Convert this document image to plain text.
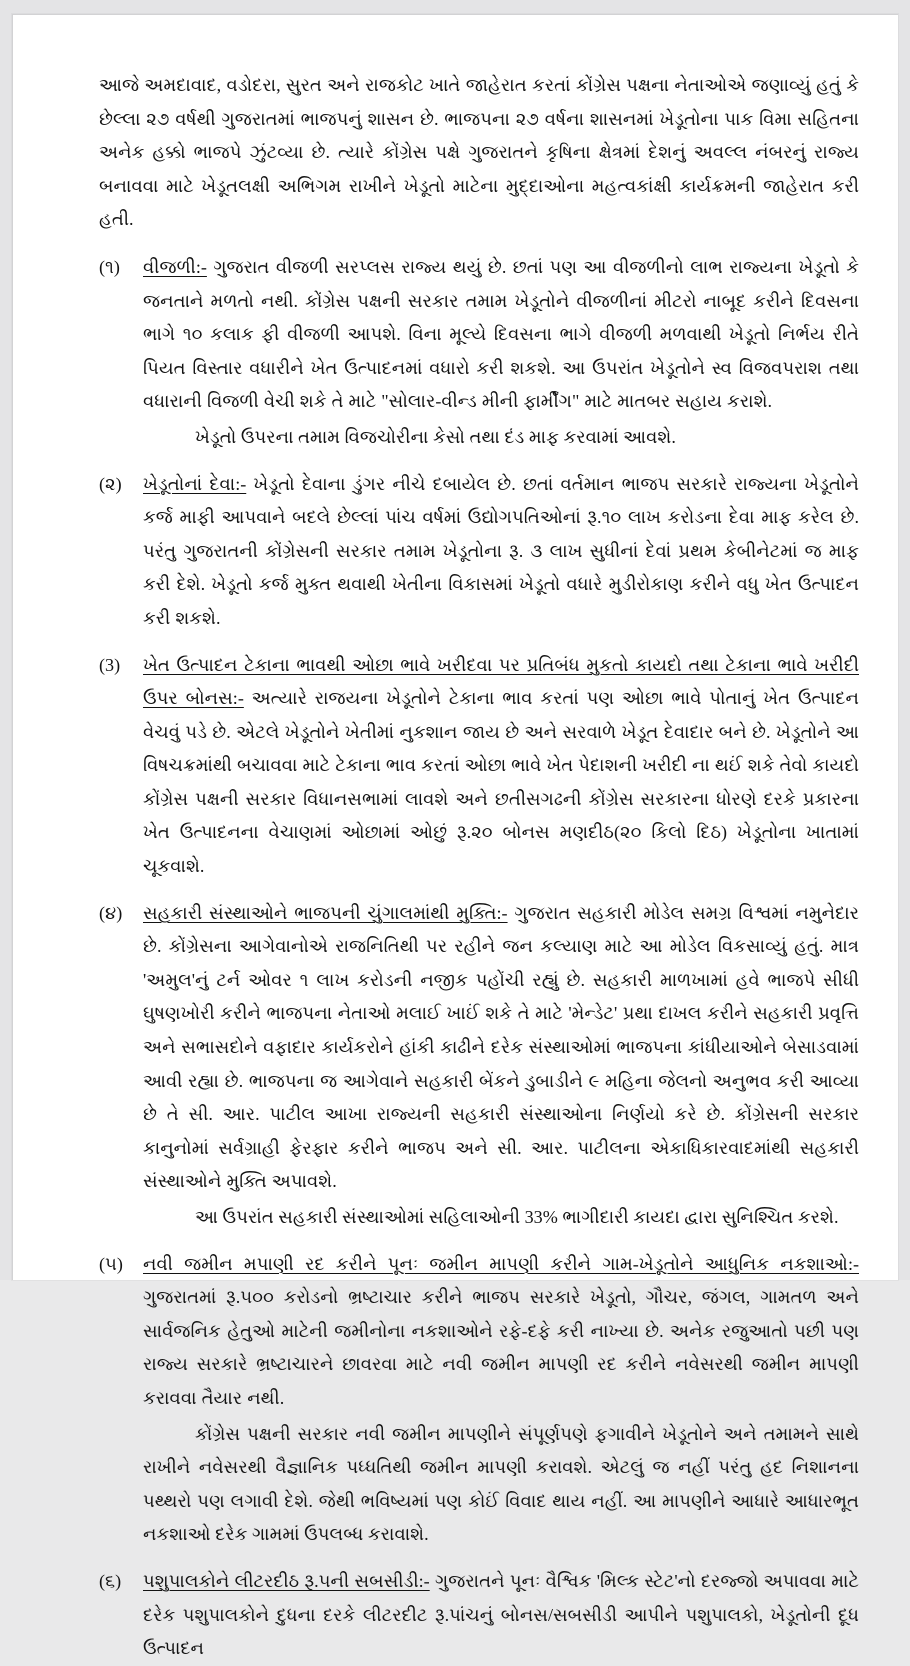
આજે અમદાવાદ, વડોદરા, સુરત અને રાજકોટ ખાતે જાહેરાત કરતાં કોંગ્રેસ પક્ષના નેતાઓએ જણાવ્યું હતું કે છેલ્લા ૨૭ વર્ષથી ગુજરાતમાં ભાજપનું શાસન છે. ભાજપના ૨૭ વર્ષના શાસનમાં ખેડૂતોના પાક વિમા સહિતના અનેક હક્કો ભાજપે ઝુંટવ્યા છે. ત્યારે કોંગ્રેસ પક્ષે ગુજરાતને કૃષિના ક્ષેત્રમાં દેશનું અવલ્લ નંબરનું રાજ્ય બનાવવા માટે ખેડૂતલક્ષી અભિગમ રાખીને ખેડૂતો માટેના મુદ્દાઓના મહત્વકાંક્ષી કાર્યક્રમની જાહેરાત કરી હતી.

(૧)	વીજળી:- ગુજરાત વીજળી સરપ્લસ રાજ્ય થયું છે. છતાં પણ આ વીજળીનો લાભ રાજ્યના ખેડૂતો કે જનતાને મળતો નથી. કોંગ્રેસ પક્ષની સરકાર તમામ ખેડૂતોને વીજળીનાં મીટરો નાબૂદ કરીને દિવસના ભાગે ૧૦ કલાક ફી વીજળી આપશે. વિના મૂલ્યે દિવસના ભાગે વીજળી મળવાથી ખેડૂતો નિર્ભય રીતે પિયત વિસ્તાર વધારીને ખેત ઉત્પાદનમાં વધારો કરી શકશે. આ ઉપરાંત ખેડૂતોને સ્વ વિજવપરાશ તથા વધારાની વિજળી વેચી શકે તે માટે "સોલાર-વીન્ડ મીની ફાર્મીંગ" માટે માતબર સહાય કરાશે.

ખેડૂતો ઉપરના તમામ વિજચોરીના કેસો તથા દંડ માફ કરવામાં આવશે.

(૨)	ખેડૂતોનાં દેવા:- ખેડૂતો દેવાના ડુંગર નીચે દબાયેલ છે. છતાં વર્તમાન ભાજપ સરકારે રાજ્યના ખેડૂતોને કર્જ માફી આપવાને બદલે છેલ્લાં પાંચ વર્ષમાં ઉદ્યોગપતિઓનાં રૂ.૧૦ લાખ કરોડના દેવા માફ કરેલ છે. પરંતુ ગુજરાતની કોંગ્રેસની સરકાર તમામ ખેડૂતોના રૂ. ૩ લાખ સુધીનાં દેવાં પ્રથમ કેબીનેટમાં જ માફ કરી દેશે. ખેડૂતો કર્જ મુક્ત થવાથી ખેતીના વિકાસમાં ખેડૂતો વધારે મુડીરોકાણ કરીને વધુ ખેત ઉત્પાદન કરી શકશે.

(3)	ખેત ઉત્પાદન ટેકાના ભાવથી ઓછા ભાવે ખરીદવા પર પ્રતિબંધ મુકતો કાયદો તથા ટેકાના ભાવે ખરીદી ઉપર બોનસ:- અત્યારે રાજયના ખેડૂતોને ટેકાના ભાવ કરતાં પણ ઓછા ભાવે પોતાનું ખેત ઉત્પાદન વેચવું પડે છે. એટલે ખેડૂતોને ખેતીમાં નુકશાન જાય છે અને સરવાળે ખેડૂત દેવાદાર બને છે. ખેડૂતોને આ વિષચક્રમાંથી બચાવવા માટે ટેકાના ભાવ કરતાં ઓછા ભાવે ખેત પેદાશની ખરીદી ના થઈં શકે તેવો કાયદો કોંગ્રેસ પક્ષની સરકાર વિધાનસભામાં લાવશે અને છતીસગઢની કોંગ્રેસ સરકારના ધોરણે દરકે પ્રકારના ખેત ઉત્પાદનના વેચાણમાં ઓછામાં ઓછું રૂ.૨૦ બોનસ મણદીઠ(૨૦ કિલો દિઠ) ખેડૂતોના ખાતામાં ચૂકવાશે.

(૪)	સહકારી સંસ્થાઓને ભાજપની ચુંગાલમાંથી મુક્તિ:- ગુજરાત સહકારી મોડેલ સમગ્ર વિશ્વમાં નમુનેદાર છે. કોંગ્રેસના આગેવાનોએ રાજનિતિથી પર રહીને જન કલ્યાણ માટે આ મોડેલ વિકસાવ્યું હતું. માત્ર 'અમુલ'નું ટર્ન ઓવર ૧ લાખ કરોડની નજીક પહોંચી રહ્યું છે. સહકારી માળખામાં હવે ભાજપે સીધી ઘુષણખોરી કરીને ભાજપના નેતાઓ મલાઈ ખાઈં શકે તે માટે 'મેન્ડેટ' પ્રથા દાખલ કરીને સહકારી પ્રવૃત્તિ અને સભાસદોને વફાદાર કાર્યકરોને હાંકી કાઢીને દરેક સંસ્થાઓમાં ભાજપના કાંધીયાઓને બેસાડવામાં આવી રહ્યા છે. ભાજપના જ આગેવાને સહકારી બેંકને ડુબાડીને ૯ મહિના જેલનો અનુભવ કરી આવ્યા છે તે સી. આર. પાટીલ આખા રાજ્યની સહકારી સંસ્થાઓના નિર્ણયો કરે છે. કોંગ્રેસની સરકાર કાનુનોમાં સર્વગ્રાહી ફેરફાર કરીને ભાજપ અને સી. આર. પાટીલના એકાધિકારવાદમાંથી સહકારી સંસ્થાઓને મુક્તિ અપાવશે.

આ ઉપરાંત સહકારી સંસ્થાઓમાં સહિલાઓની 33% ભાગીદારી કાયદા દ્વારા સુનિશ્ચિત કરશે.

(૫)	નવી જમીન મપાણી રદ કરીને પૂનઃ જમીન માપણી કરીને ગામ-ખેડૂતોને આધુનિક નકશાઓ:- ગુજરાતમાં રૂ.૫૦૦ કરોડનો ભ્રષ્ટાચાર કરીને ભાજપ સરકારે ખેડૂતો, ગૌચર, જંગલ, ગામતળ અને સાર્વજનિક હેતુઓ માટેની જમીનોના નકશાઓને રફે-દફે કરી નાખ્યા છે. અનેક રજુઆતો પછી પણ રાજ્ય સરકારે ભ્રષ્ટાચારને છાવરવા માટે નવી જમીન માપણી રદ કરીને નવેસરથી જમીન માપણી કરાવવા તૈયાર નથી.

કોંગ્રેસ પક્ષની સરકાર નવી જમીન માપણીને સંપૂર્ણપણે ફગાવીને ખેડૂતોને અને તમામને સાથે રાખીને નવેસરથી વૈજ્ઞાનિક પધ્ધતિથી જમીન માપણી કરાવશે. એટલું જ નહીં પરંતુ હદ નિશાનના પથ્થરો પણ લગાવી દેશે. જેથી ભવિષ્યમાં પણ કોઈં વિવાદ થાય નહીં. આ માપણીને આધારે આધારભૂત નકશાઓ દરેક ગામમાં ઉપલબ્ધ કરાવાશે.

(૬)	પશુપાલકોને લીટરદીઠ રૂ.૫ની સબસીડી:- ગુજરાતને પૂનઃ વૈશ્વિક 'મિલ્ક સ્ટેટ'નો દરજ્જો અપાવવા માટે દરેક પશુપાલકોને દુધના દરકે લીટરદીટ રૂ.પાંચનું બોનસ/સબસીડી આપીને પશુપાલકો, ખેડૂતોની દૂધ ઉત્પાદન
